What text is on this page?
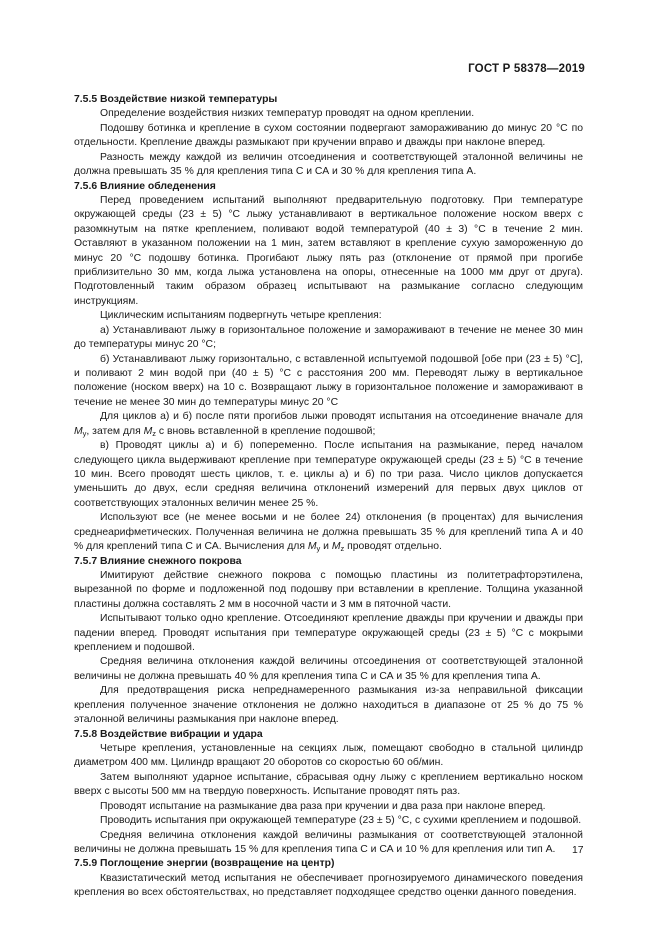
ГОСТ Р 58378—2019
7.5.5 Воздействие низкой температуры

Определение воздействия низких температур проводят на одном креплении.

Подошву ботинка и крепление в сухом состоянии подвергают замораживанию до минус 20 °С по отдельности. Крепление дважды размыкают при кручении вправо и дважды при наклоне вперед.

Разность между каждой из величин отсоединения и соответствующей эталонной величины не должна превышать 35 % для крепления типа С и СА и 30 % для крепления типа А.

7.5.6 Влияние обледенения

Перед проведением испытаний выполняют предварительную подготовку. При температуре окружающей среды (23 ± 5) °С лыжу устанавливают в вертикальное положение носком вверх с разомкнутым на пятке креплением, поливают водой температурой (40 ± 3) °С в течение 2 мин. Оставляют в указанном положении на 1 мин, затем вставляют в крепление сухую замороженную до минус 20 °С подошву ботинка. Прогибают лыжу пять раз (отклонение от прямой при прогибе приблизительно 30 мм, когда лыжа установлена на опоры, отнесенные на 1000 мм друг от друга). Подготовленный таким образом образец испытывают на размыкание согласно следующим инструкциям.

Циклическим испытаниям подвергнуть четыре крепления:

а) Устанавливают лыжу в горизонтальное положение и замораживают в течение не менее 30 мин до температуры минус 20 °С;

б) Устанавливают лыжу горизонтально, с вставленной испытуемой подошвой [обе при (23 ± 5) °С], и поливают 2 мин водой при (40 ± 5) °С с расстояния 200 мм. Переводят лыжу в вертикальное положение (носком вверх) на 10 с. Возвращают лыжу в горизонтальное положение и замораживают в течение не менее 30 мин до температуры минус 20 °С

Для циклов а) и б) после пяти прогибов лыжи проводят испытания на отсоединение вначале для $M_y$, затем для $M_z$ с вновь вставленной в крепление подошвой;

в) Проводят циклы а) и б) попеременно. После испытания на размыкание, перед началом следующего цикла выдерживают крепление при температуре окружающей среды (23 ± 5) °С в течение 10 мин. Всего проводят шесть циклов, т. е. циклы а) и б) по три раза. Число циклов допускается уменьшить до двух, если средняя величина отклонений измерений для первых двух циклов от соответствующих эталонных величин менее 25 %.

Используют все (не менее восьми и не более 24) отклонения (в процентах) для вычисления среднеарифметических. Полученная величина не должна превышать 35 % для креплений типа А и 40 % для креплений типа С и СА. Вычисления для $M_y$ и $M_z$ проводят отдельно.

7.5.7 Влияние снежного покрова

Имитируют действие снежного покрова с помощью пластины из политетрафторэтилена, вырезанной по форме и подложенной под подошву при вставлении в крепление. Толщина указанной пластины должна составлять 2 мм в носочной части и 3 мм в пяточной части.

Испытывают только одно крепление. Отсоединяют крепление дважды при кручении и дважды при падении вперед. Проводят испытания при температуре окружающей среды (23 ± 5) °С с мокрыми креплением и подошвой.

Средняя величина отклонения каждой величины отсоединения от соответствующей эталонной величины не должна превышать 40 % для крепления типа С и СА и 35 % для крепления типа А.

Для предотвращения риска непреднамеренного размыкания из-за неправильной фиксации крепления полученное значение отклонения не должно находиться в диапазоне от 25 % до 75 % эталонной величины размыкания при наклоне вперед.

7.5.8 Воздействие вибрации и удара

Четыре крепления, установленные на секциях лыж, помещают свободно в стальной цилиндр диаметром 400 мм. Цилиндр вращают 20 оборотов со скоростью 60 об/мин.

Затем выполняют ударное испытание, сбрасывая одну лыжу с креплением вертикально носком вверх с высоты 500 мм на твердую поверхность. Испытание проводят пять раз.

Проводят испытание на размыкание два раза при кручении и два раза при наклоне вперед.

Проводить испытания при окружающей температуре (23 ± 5) °С, с сухими креплением и подошвой.

Средняя величина отклонения каждой величины размыкания от соответствующей эталонной величины не должна превышать 15 % для крепления типа С и СА и 10 % для крепления или тип А.

7.5.9 Поглощение энергии (возвращение на центр)

Квазистатический метод испытания не обеспечивает прогнозируемого динамического поведения крепления во всех обстоятельствах, но представляет подходящее средство оценки данного поведения.

17
